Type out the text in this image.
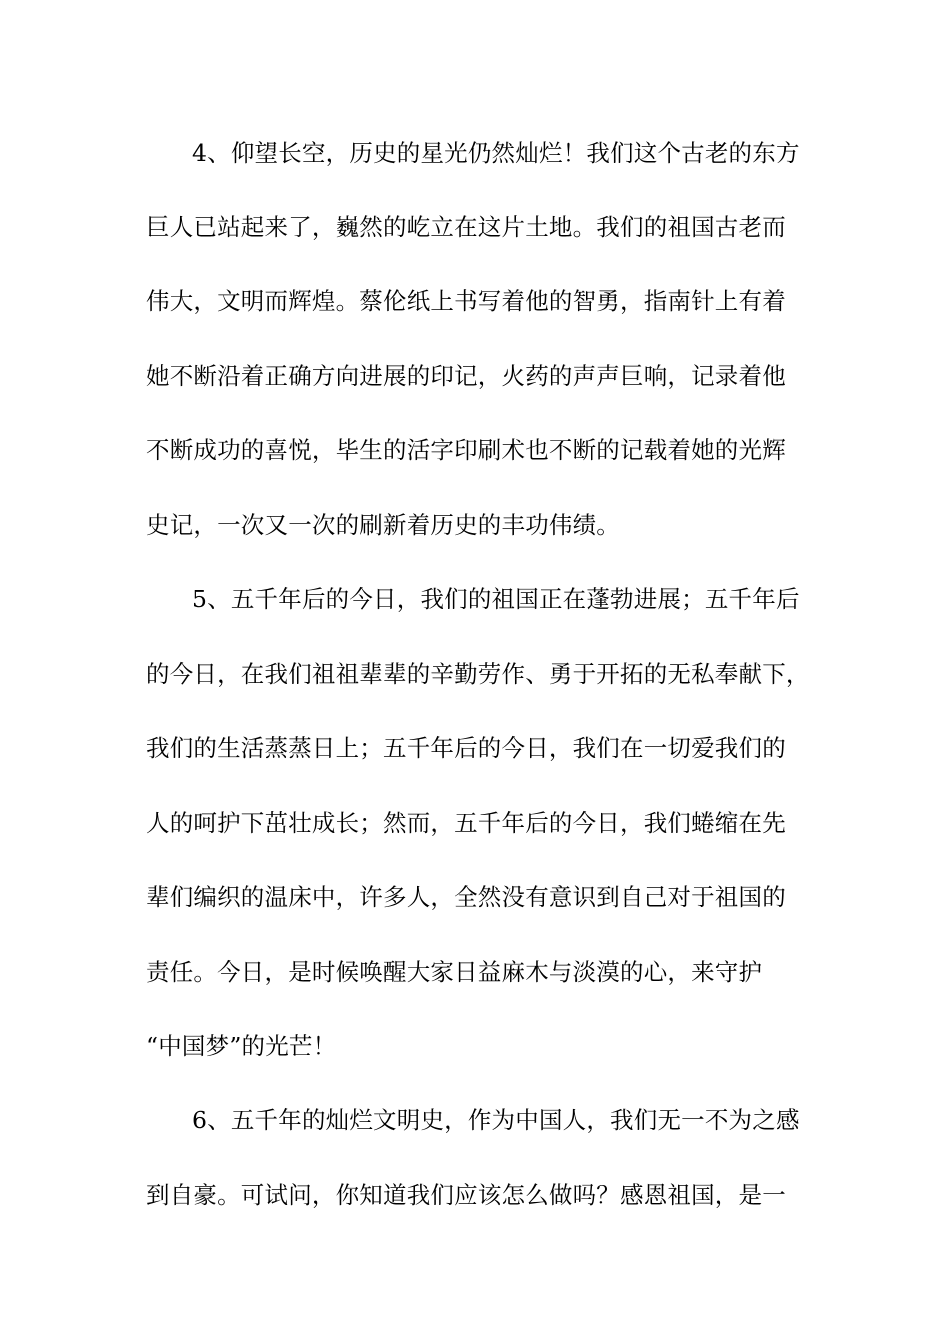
4、仰望长空，历史的星光仍然灿烂！我们这个古老的东方
巨人已站起来了，巍然的屹立在这片土地。我们的祖国古老而
伟大，文明而辉煌。蔡伦纸上书写着他的智勇，指南针上有着
她不断沿着正确方向进展的印记，火药的声声巨响，记录着他
不断成功的喜悦，毕生的活字印刷术也不断的记载着她的光辉
史记，一次又一次的刷新着历史的丰功伟绩。
5、五千年后的今日，我们的祖国正在蓬勃进展；五千年后
的今日，在我们祖祖辈辈的辛勤劳作、勇于开拓的无私奉献下，
我们的生活蒸蒸日上；五千年后的今日，我们在一切爱我们的
人的呵护下茁壮成长；然而，五千年后的今日，我们蜷缩在先
辈们编织的温床中，许多人，全然没有意识到自己对于祖国的
责任。今日，是时候唤醒大家日益麻木与淡漠的心，来守护
“中国梦”的光芒！
6、五千年的灿烂文明史，作为中国人，我们无一不为之感
到自豪。可试问，你知道我们应该怎么做吗？感恩祖国，是一
